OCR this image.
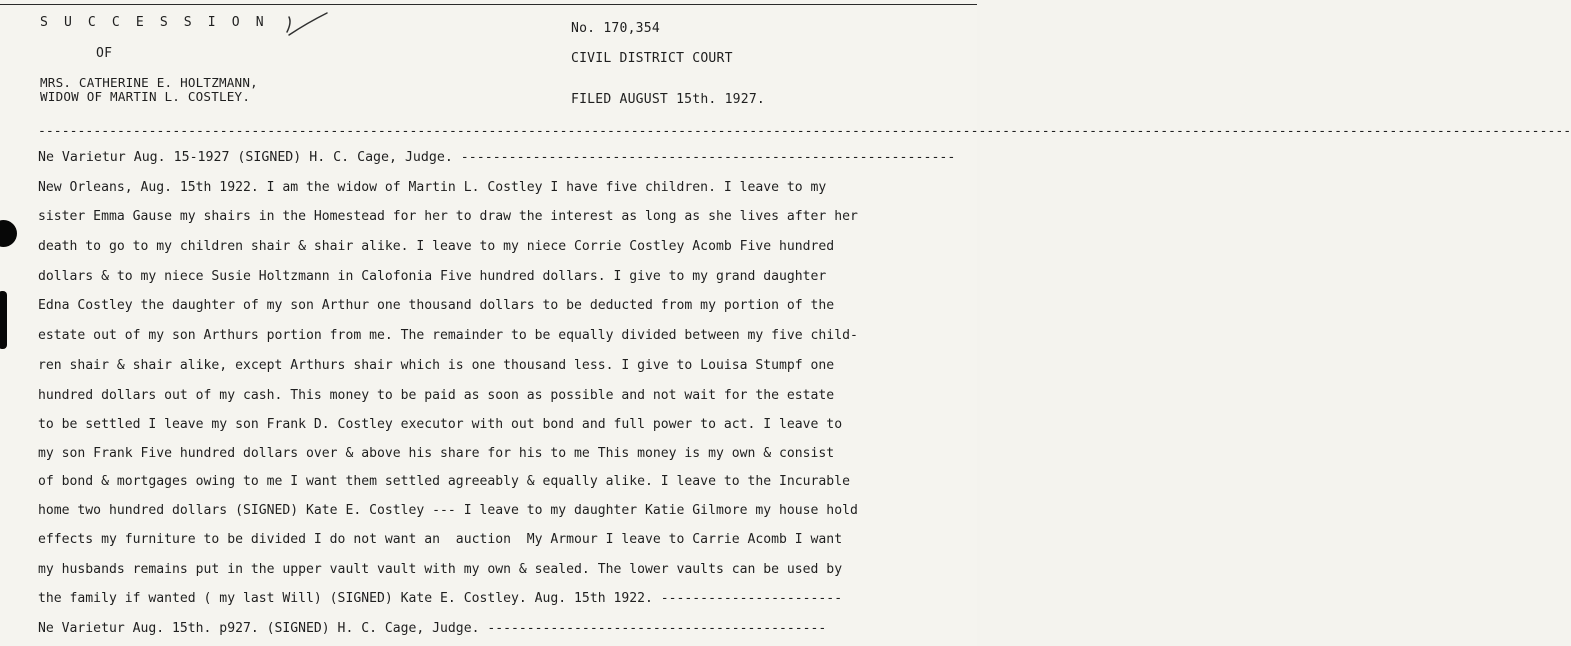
S U C C E S S I O N
OF
MRS. CATHERINE E. HOLTZMANN,
WIDOW OF MARTIN L. COSTLEY.
No. 170,354
CIVIL DISTRICT COURT
FILED AUGUST 15th. 1927.
--------------------------------------------------------------------------------------------------------------------------------------------------------------------------------------------------
Ne Varietur Aug. 15-1927 (SIGNED) H. C. Cage, Judge. --------------------------------------------------------------
New Orleans, Aug. 15th 1922. I am the widow of Martin L. Costley I have five children. I leave to my
sister Emma Gause my shairs in the Homestead for her to draw the interest as long as she lives after her
death to go to my children shair & shair alike. I leave to my niece Corrie Costley Acomb Five hundred
dollars & to my niece Susie Holtzmann in Calofonia Five hundred dollars. I give to my grand daughter
Edna Costley the daughter of my son Arthur one thousand dollars to be deducted from my portion of the
estate out of my son Arthurs portion from me. The remainder to be equally divided between my five child-
ren shair & shair alike, except Arthurs shair which is one thousand less. I give to Louisa Stumpf one
hundred dollars out of my cash. This money to be paid as soon as possible and not wait for the estate
to be settled I leave my son Frank D. Costley executor with out bond and full power to act. I leave to
my son Frank Five hundred dollars over & above his share for his to me This money is my own & consist
of bond & mortgages owing to me I want them settled agreeably & equally alike. I leave to the Incurable
home two hundred dollars (SIGNED) Kate E. Costley --- I leave to my daughter Katie Gilmore my house hold
effects my furniture to be divided I do not want an  auction  My Armour I leave to Carrie Acomb I want
my husbands remains put in the upper vault vault with my own & sealed. The lower vaults can be used by
the family if wanted ( my last Will) (SIGNED) Kate E. Costley. Aug. 15th 1922. -----------------------
Ne Varietur Aug. 15th. p927. (SIGNED) H. C. Cage, Judge. -------------------------------------------
